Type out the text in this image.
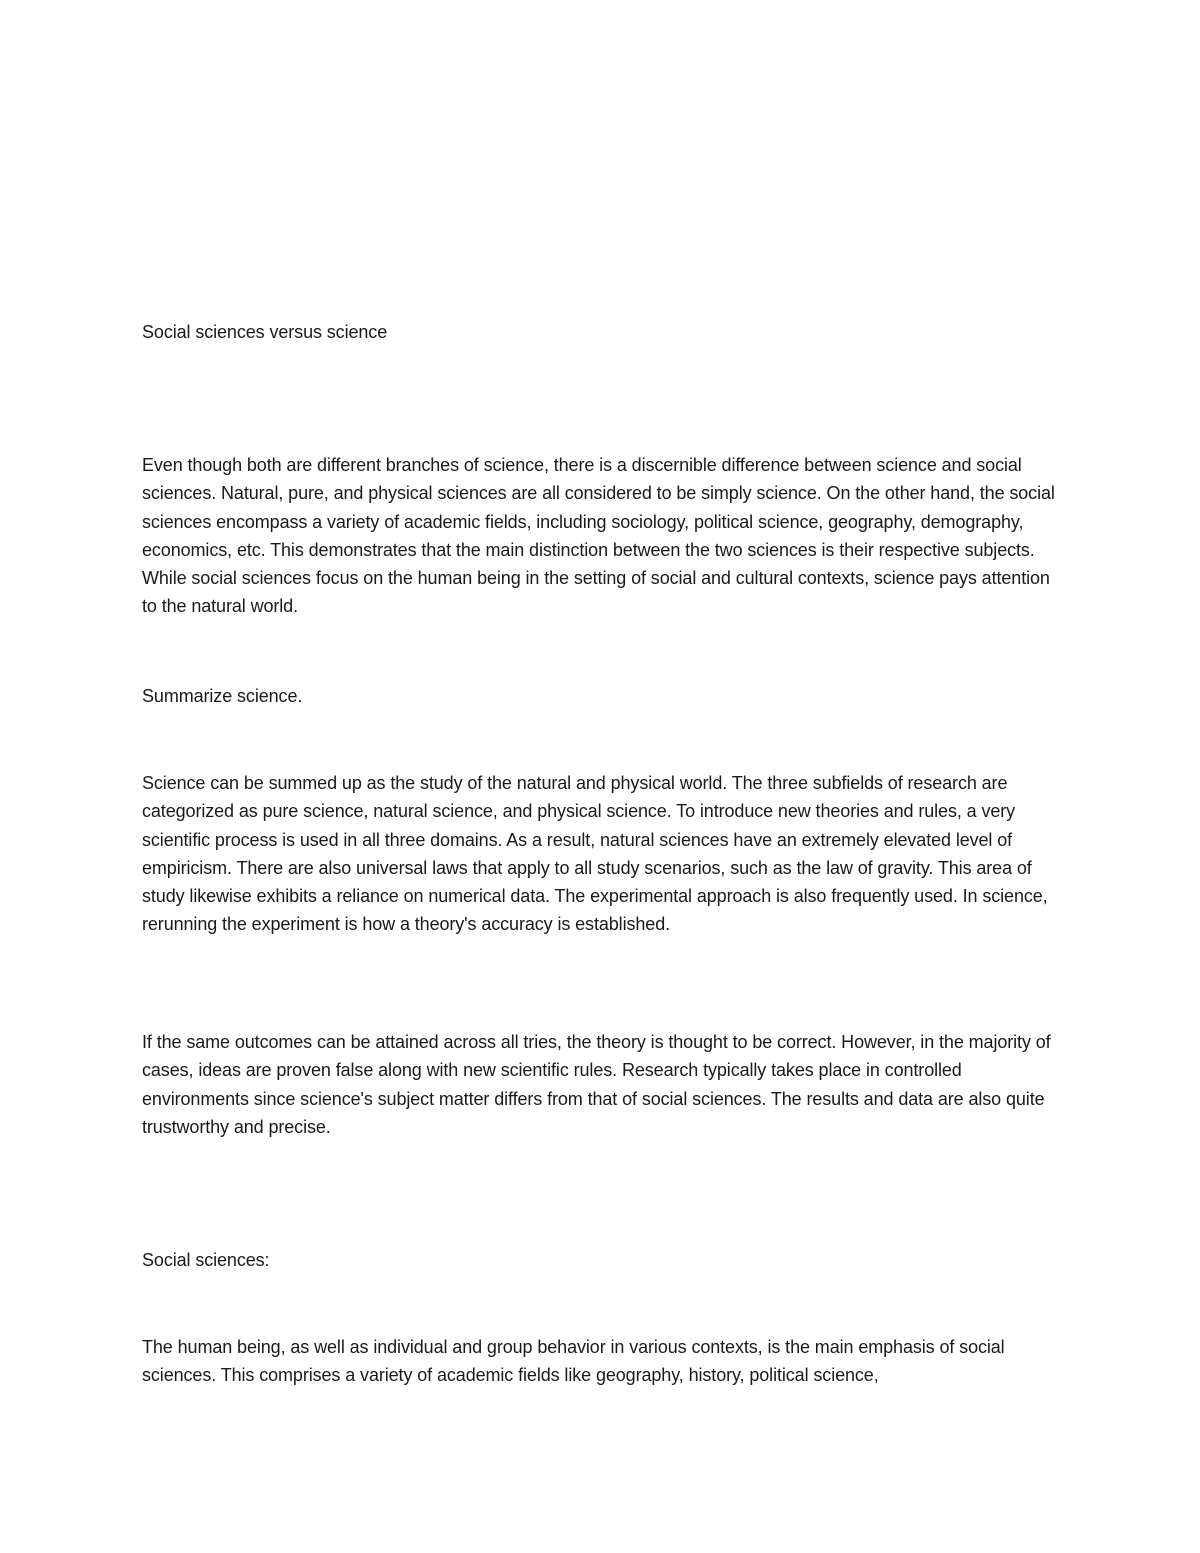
Social sciences versus science

Even though both are different branches of science, there is a discernible difference between science and social sciences. Natural, pure, and physical sciences are all considered to be simply science. On the other hand, the social sciences encompass a variety of academic fields, including sociology, political science, geography, demography, economics, etc. This demonstrates that the main distinction between the two sciences is their respective subjects. While social sciences focus on the human being in the setting of social and cultural contexts, science pays attention to the natural world.

Summarize science.

Science can be summed up as the study of the natural and physical world. The three subfields of research are categorized as pure science, natural science, and physical science. To introduce new theories and rules, a very scientific process is used in all three domains. As a result, natural sciences have an extremely elevated level of empiricism. There are also universal laws that apply to all study scenarios, such as the law of gravity. This area of study likewise exhibits a reliance on numerical data. The experimental approach is also frequently used. In science, rerunning the experiment is how a theory's accuracy is established.

If the same outcomes can be attained across all tries, the theory is thought to be correct. However, in the majority of cases, ideas are proven false along with new scientific rules. Research typically takes place in controlled environments since science's subject matter differs from that of social sciences. The results and data are also quite trustworthy and precise.

Social sciences:

The human being, as well as individual and group behavior in various contexts, is the main emphasis of social sciences. This comprises a variety of academic fields like geography, history, political science,
